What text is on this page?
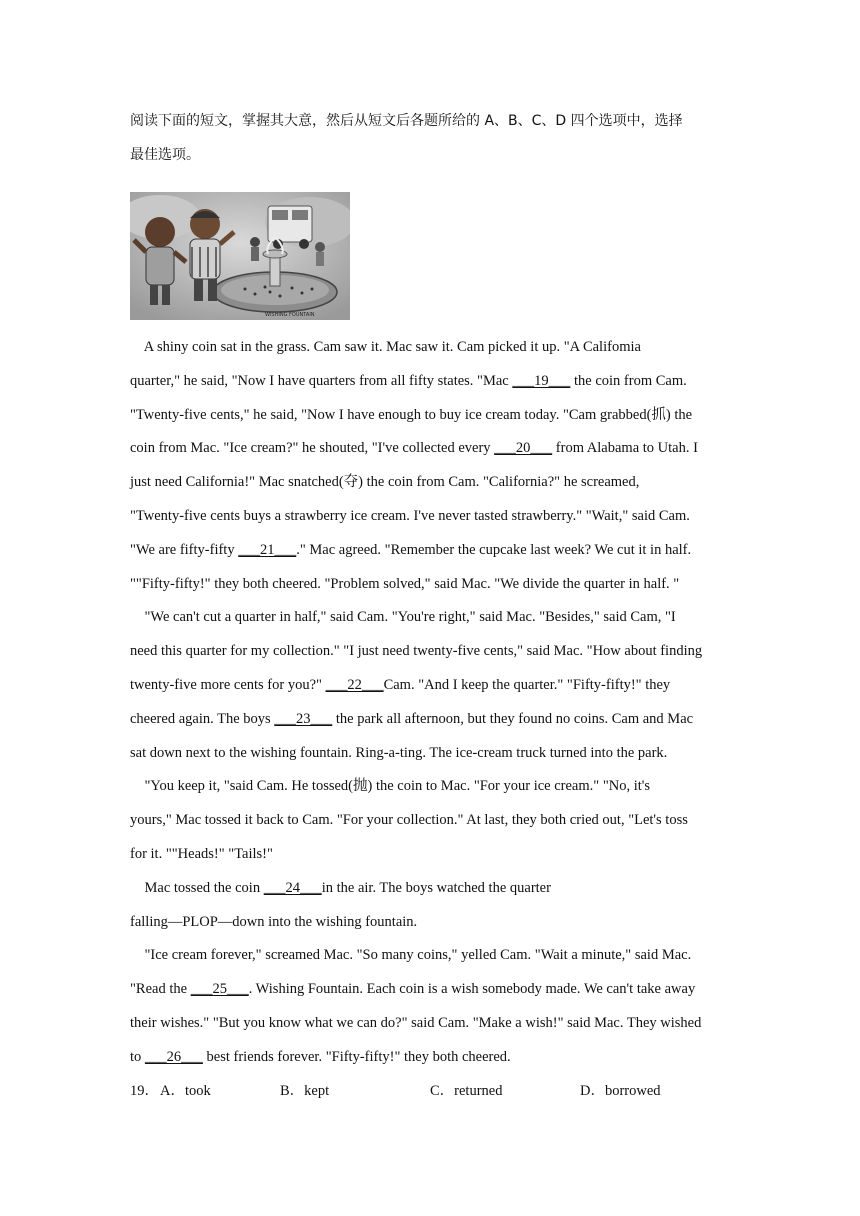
阅读下面的短文，掌握其大意，然后从短文后各题所给的 A、B、C、D 四个选项中，选择
最佳选项。
WISHING FOUNTAIN
A shiny coin sat in the grass. Cam saw it. Mac saw it. Cam picked it up. "A Califomia
quarter," he said, "Now I have quarters from all fifty states. "Mac ___19___ the coin from Cam.
"Twenty-five cents," he said, "Now I have enough to buy ice cream today. "Cam grabbed(抓) the
coin from Mac. "Ice cream?" he shouted, "I've collected every ___20___ from Alabama to Utah. I
just need California!" Mac snatched(夺) the coin from Cam. "California?" he screamed,
"Twenty-five cents buys a strawberry ice cream. I've never tasted strawberry." "Wait," said Cam.
"We are fifty-fifty ___21___." Mac agreed. "Remember the cupcake last week? We cut it in half.
""Fifty-fifty!" they both cheered. "Problem solved," said Mac. "We divide the quarter in half. "
"We can't cut a quarter in half," said Cam. "You're right," said Mac. "Besides," said Cam, "I
need this quarter for my collection." "I just need twenty-five cents," said Mac. "How about finding
twenty-five more cents for you?" ___22___Cam. "And I keep the quarter." "Fifty-fifty!" they
cheered again. The boys ___23___ the park all afternoon, but they found no coins. Cam and Mac
sat down next to the wishing fountain. Ring-a-ting. The ice-cream truck turned into the park.
"You keep it, "said Cam. He tossed(抛) the coin to Mac. "For your ice cream." "No, it's
yours," Mac tossed it back to Cam. "For your collection." At last, they both cried out, "Let's toss
for it. ""Heads!" "Tails!"
Mac tossed the coin ___24___in the air. The boys watched the quarter
falling—PLOP—down into the wishing fountain.
"Ice cream forever," screamed Mac. "So many coins," yelled Cam. "Wait a minute," said Mac.
"Read the ___25___. Wishing Fountain. Each coin is a wish somebody made. We can't take away
their wishes." "But you know what we can do?" said Cam. "Make a wish!" said Mac. They wished
to ___26___ best friends forever. "Fifty-fifty!" they both cheered.
19． A．took	B．kept	C．returned	D．borrowed
